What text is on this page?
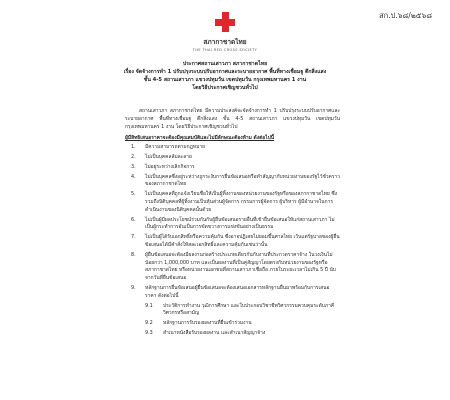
สก.ป.๖๘/๒๕๖๘
สภากาชาดไทย
THE THAI RED CROSS SOCIETY
ประกาศสถานเสาวภา สภากาชาดไทย
เรื่อง จัดจ้างการทำ 1 ปรับปรุงระบบปรับอากาศและระบายอากาศ พื้นที่ทางเชื่อมฐู ตึกสิ่งแสง
ชั้น 4-5 สถานเสาวภา แขวงปทุมวัน เขตปทุมวัน กรุงเทพมหานคร 1 งาน
โดยวิธีประกาศเชิญชวนทั่วไป

สถานเสาวภา สภากาชาดไทย มีความประสงค์จะจัดจ้างการทำ 1 ปรับปรุงระบบปรับอากาศและระบายอากาศ พื้นที่ทางเชื่อมฐู ตึกสิ่งแสง ชั้น 4-5 สถานเสาวภา แขวงปทุมวัน เขตปทุมวัน กรุงเทพมหานคร 1 งาน โดยวิธีประกาศเชิญชวนทั่วไป

ผู้มีสิทธิเสนอราคาจะต้องมีคุณสมบัติและไม่มีลักษณะต้องห้าม ดังต่อไปนี้
1.	มีความสามารถตามกฎหมาย
2.	ไม่เป็นบุคคลล้มละลาย
3.	ไม่อยู่ระหว่างเลิกกิจการ
4.	ไม่เป็นบุคคลซึ่งอยู่ระหว่างถูกระงับการยื่นข้อเสนอหรือทำสัญญากับหน่วยงานของรัฐไว้ชั่วคราว ของสภากาชาดไทย
5.	ไม่เป็นบุคคลที่ถูกแจ้งเวียนชื่อให้เป็นผู้ทิ้งงานของหน่วยงานของรัฐหรือของสภากาชาดไทย ซึ่งรวมถึงนิติบุคคลที่ผู้ทิ้งงานเป็นหุ้นส่วนผู้จัดการ กรรมการผู้จัดการ ผู้บริหาร ผู้มีอำนาจในการดำเนินงานของนิติบุคคลนั้นด้วย
6.	ไม่เป็นผู้มีผลประโยชน์ร่วมกันกับผู้ยื่นข้อเสนอรายอื่นที่เข้ายื่นข้อเสนอให้แก่สถานเสาวภา ไม่เป็นผู้กระทำการอันเป็นการขัดขวางการแข่งขันอย่างเป็นธรรม
7.	ไม่เป็นผู้ได้รับเอกสิทธิ์หรือความคุ้มกัน ซึ่งอาจปฏิเสธไม่ยอมขึ้นศาลไทย เว้นแต่รัฐบาลของผู้ยื่นข้อเสนอได้มีคำสั่งให้สละเอกสิทธิ์และความคุ้มกันเช่นว่านั้น
8.	ผู้ยื่นข้อเสนอจะต้องมีผลงานก่อสร้างประเภทเดียวกันกับงานที่ประกวดราคาจ้าง ในวงเงินไม่น้อยกว่า 1,000,000 บาท และเป็นผลงานที่เป็นคู่สัญญาโดยตรงกับหน่วยงานของรัฐหรือสภากาชาดไทย หรือหน่วยงานเอกชนที่สถานเสาวภาเชื่อถือ ภายในระยะเวลาไม่เกิน 5 ปี นับจากวันที่ยื่นข้อเสนอ
9.	หลักฐานการยื่นข้อเสนอผู้ยื่นข้อเสนอจะต้องเสนอเอกสารหลักฐานยื่นมาพร้อมกับการเสนอราคา ดังต่อไปนี้
9.1	ประวัติการทำงาน วุฒิการศึกษา และใบประกอบวิชาชีพวิศวกรรมควบคุมระดับภาคีวิศวกรหรือสามัญ
9.2	หลักฐานการรับรองผลงานที่ยื่นเข้าร่วมงาน
9.3	สำเนาหนังสือรับรองผลงาน และสำเนาสัญญาจ้าง
